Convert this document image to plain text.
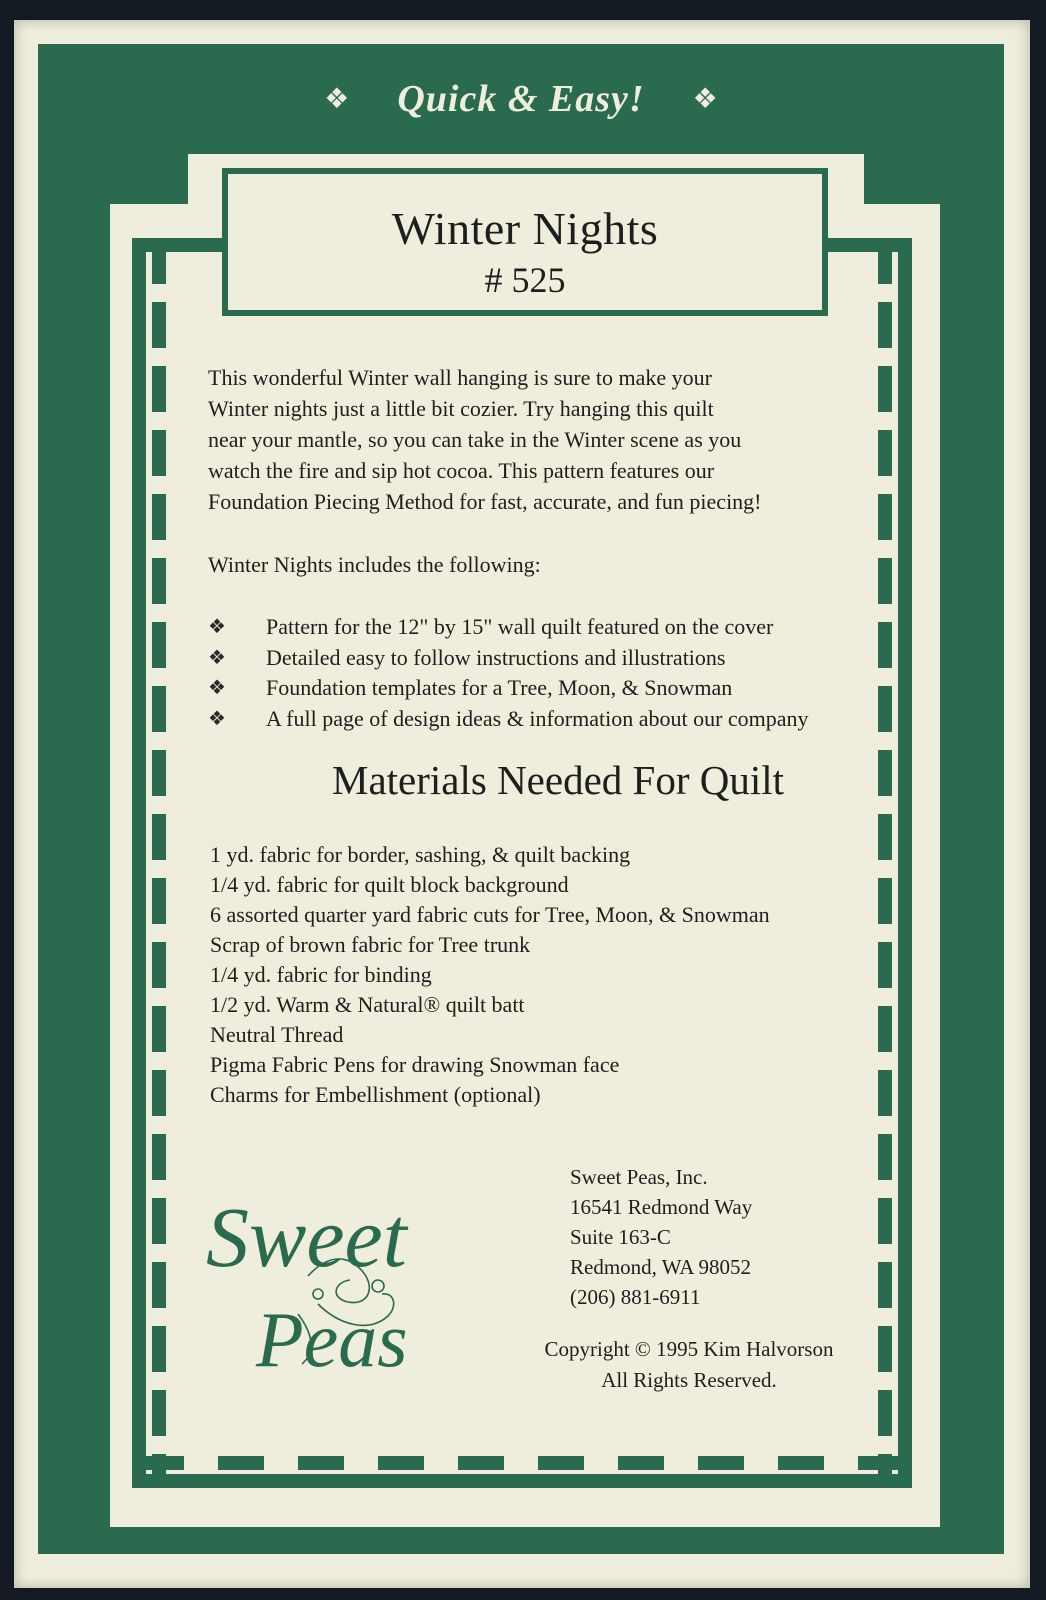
❖ Quick & Easy! ❖
Winter Nights
# 525
This wonderful Winter wall hanging is sure to make your
Winter nights just a little bit cozier. Try hanging this quilt
near your mantle, so you can take in the Winter scene as you
watch the fire and sip hot cocoa. This pattern features our
Foundation Piecing Method for fast, accurate, and fun piecing!
Winter Nights includes the following:
❖	Pattern for the 12" by 15" wall quilt featured on the cover
❖	Detailed easy to follow instructions and illustrations
❖	Foundation templates for a Tree, Moon, & Snowman
❖	A full page of design ideas & information about our company
Materials Needed For Quilt
1 yd. fabric for border, sashing, & quilt backing
1/4 yd. fabric for quilt block background
6 assorted quarter yard fabric cuts for Tree, Moon, & Snowman
Scrap of brown fabric for Tree trunk
1/4 yd. fabric for binding
1/2 yd. Warm & Natural® quilt batt
Neutral Thread
Pigma Fabric Pens for drawing Snowman face
Charms for Embellishment (optional)
Sweet
Peas
Sweet Peas, Inc.
16541 Redmond Way
Suite 163-C
Redmond, WA 98052
(206) 881-6911
Copyright © 1995 Kim Halvorson
All Rights Reserved.
